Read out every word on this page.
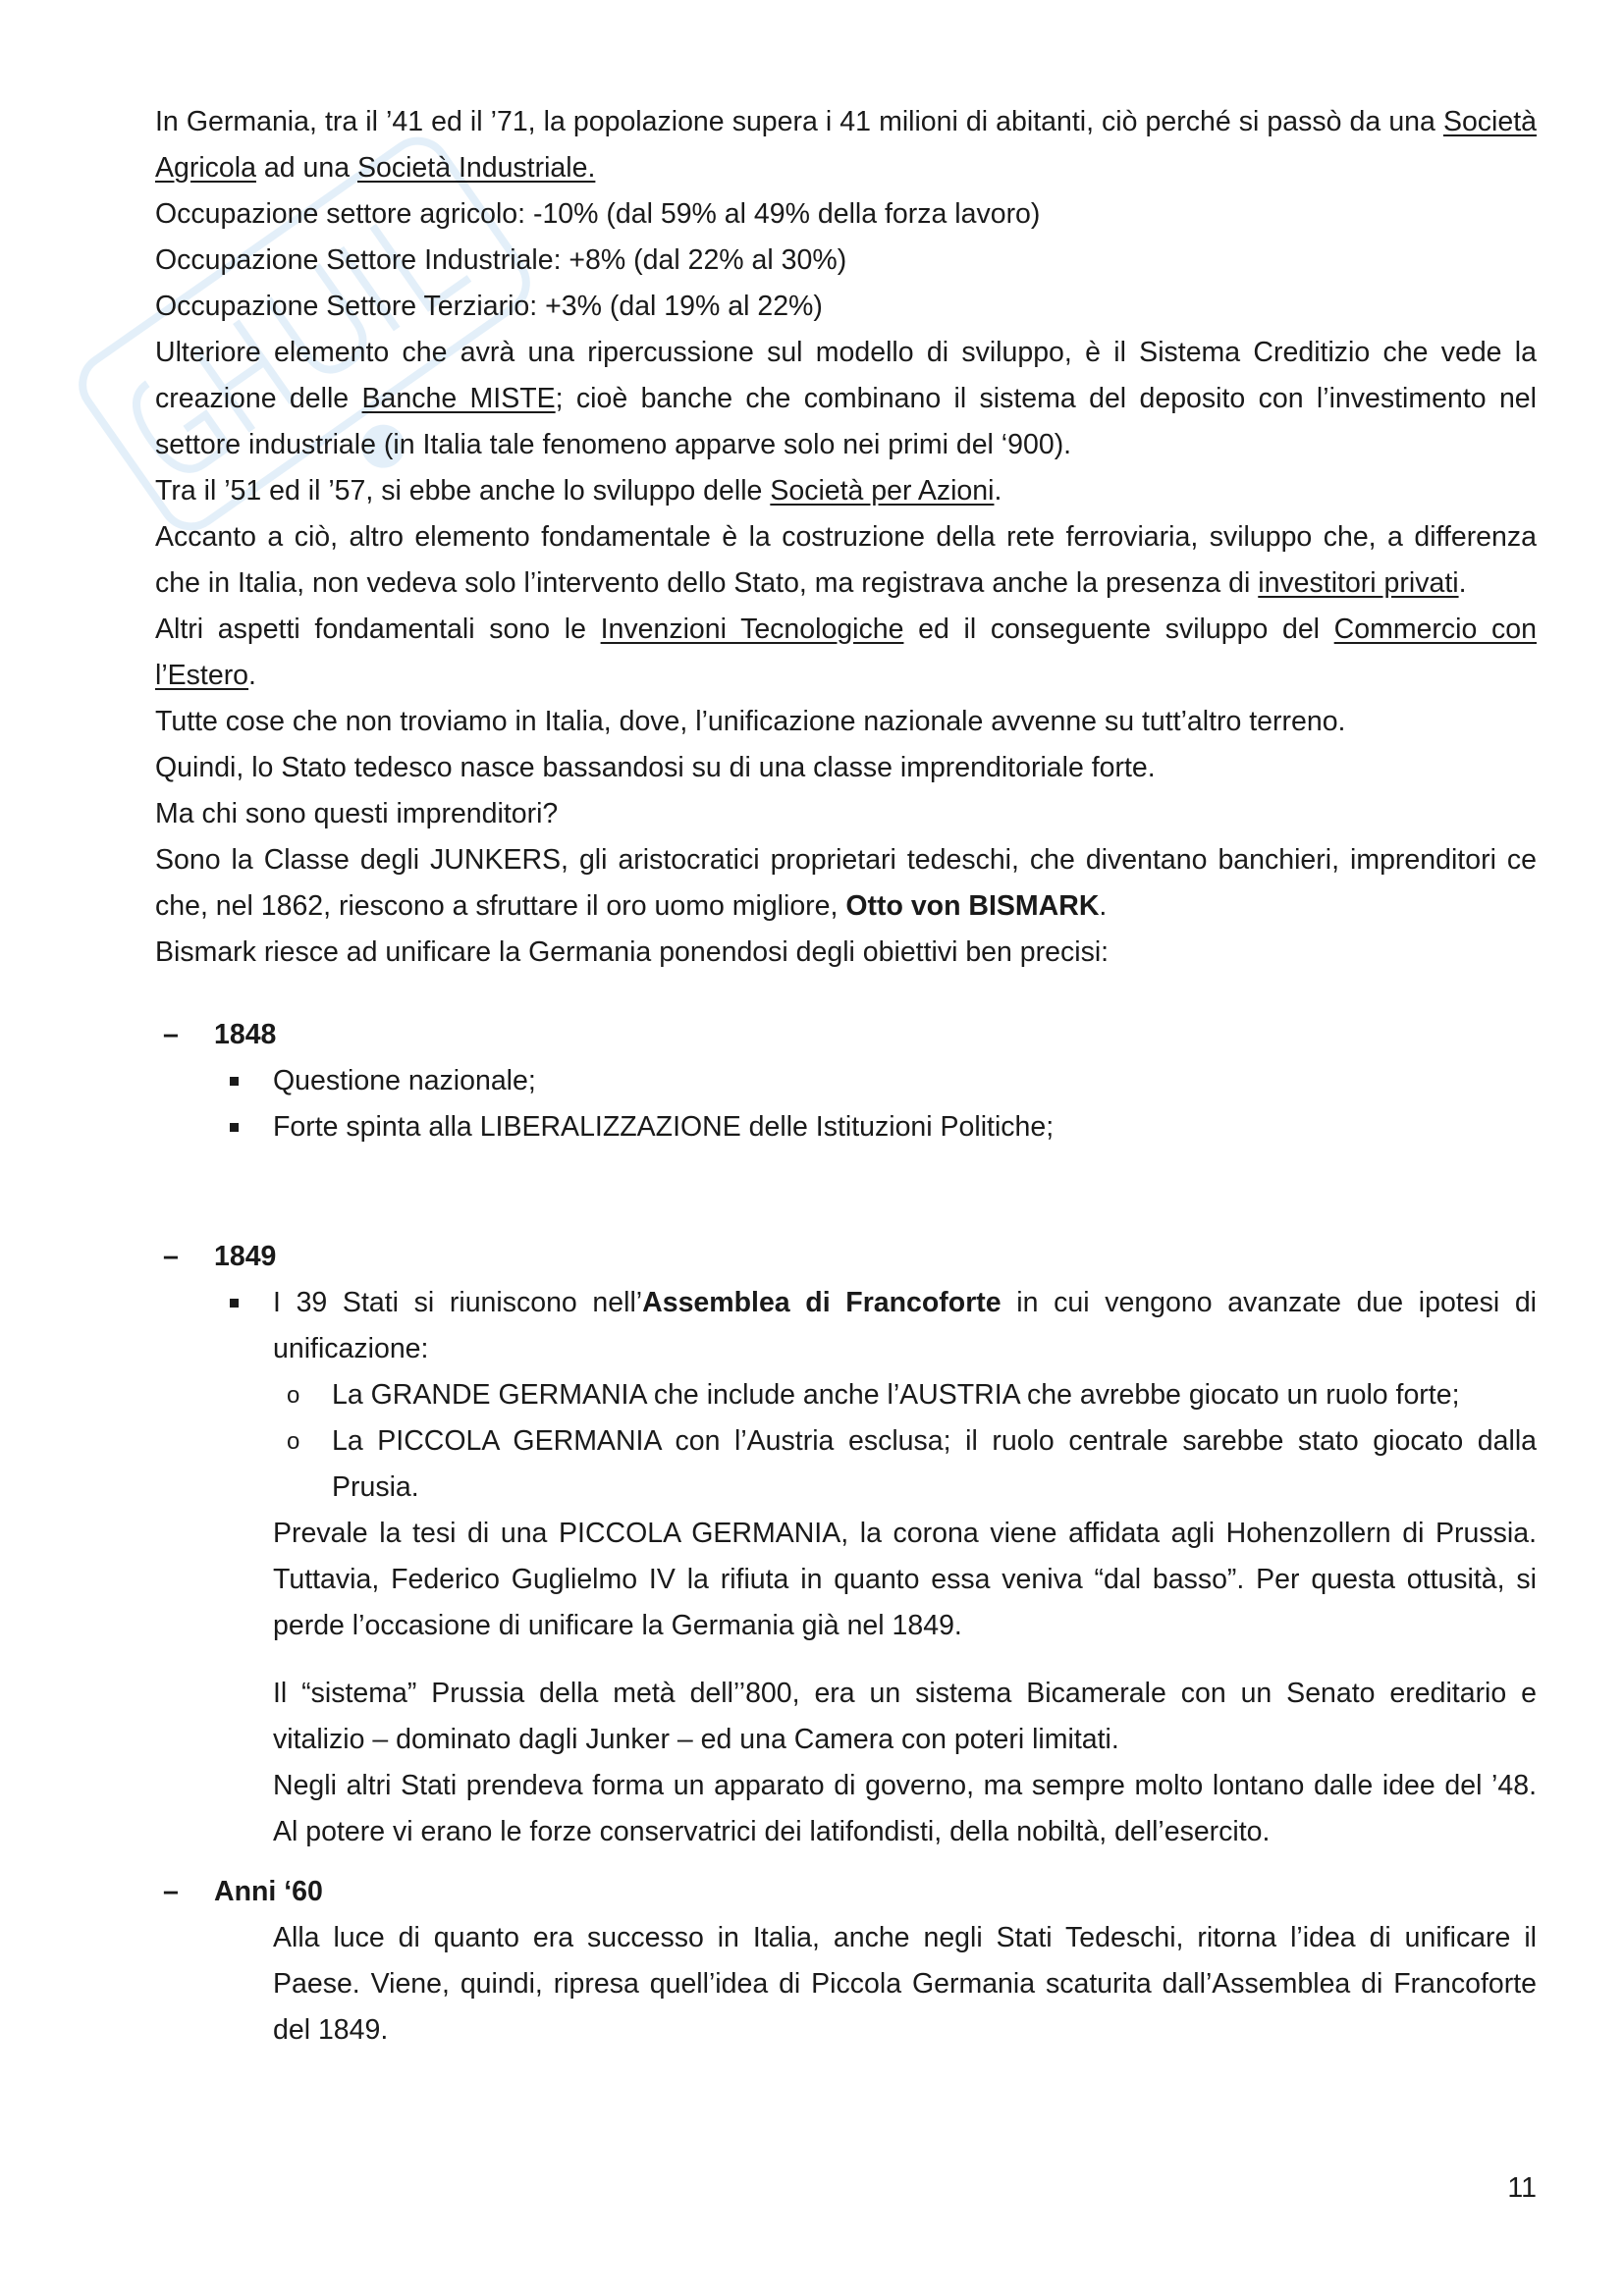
In Germania, tra il ’41 ed il ’71, la popolazione supera i 41 milioni di abitanti, ciò perché si passò da una Società Agricola ad una Società Industriale.

Occupazione settore agricolo: -10% (dal 59% al 49% della forza lavoro)

Occupazione Settore Industriale: +8% (dal 22% al 30%)

Occupazione Settore Terziario: +3% (dal 19% al 22%)

Ulteriore elemento che avrà una ripercussione sul modello di sviluppo, è il Sistema Creditizio che vede la creazione delle Banche MISTE; cioè banche che combinano il sistema del deposito con l’investimento nel settore industriale (in Italia tale fenomeno apparve solo nei primi del ‘900).

Tra il ’51 ed il ’57, si ebbe anche lo sviluppo delle Società per Azioni.

Accanto a ciò, altro elemento fondamentale è la costruzione della rete ferroviaria, sviluppo che, a differenza che in Italia, non vedeva solo l’intervento dello Stato, ma registrava anche la presenza di investitori privati.

Altri aspetti fondamentali sono le Invenzioni Tecnologiche ed il conseguente sviluppo del Commercio con l’Estero.

Tutte cose che non troviamo in Italia, dove, l’unificazione nazionale avvenne su tutt’altro terreno.

Quindi, lo Stato tedesco nasce bassandosi su di una classe imprenditoriale forte.

Ma chi sono questi imprenditori?

Sono la Classe degli JUNKERS, gli aristocratici proprietari tedeschi, che diventano banchieri, imprenditori ce che, nel 1862, riescono a sfruttare il oro uomo migliore, Otto von BISMARK.

Bismark riesce ad unificare la Germania ponendosi degli obiettivi ben precisi:

– 1848

Questione nazionale;

Forte spinta alla LIBERALIZZAZIONE delle Istituzioni Politiche;

– 1849

I 39 Stati si riuniscono nell’Assemblea di Francoforte in cui vengono avanzate due ipotesi di unificazione:

o La GRANDE GERMANIA che include anche l’AUSTRIA che avrebbe giocato un ruolo forte;

o La PICCOLA GERMANIA con l’Austria esclusa; il ruolo centrale sarebbe stato giocato dalla Prusia.

Prevale la tesi di una PICCOLA GERMANIA, la corona viene affidata agli Hohenzollern di Prussia. Tuttavia, Federico Guglielmo IV la rifiuta in quanto essa veniva “dal basso”. Per questa ottusità, si perde l’occasione di unificare la Germania già nel 1849.

Il “sistema” Prussia della metà dell’’800, era un sistema Bicamerale con un Senato ereditario e vitalizio – dominato dagli Junker – ed una Camera con poteri limitati.

Negli altri Stati prendeva forma un apparato di governo, ma sempre molto lontano dalle idee del ’48. Al potere vi erano le forze conservatrici dei latifondisti, della nobiltà, dell’esercito.

– Anni ‘60

Alla luce di quanto era successo in Italia, anche negli Stati Tedeschi, ritorna l’idea di unificare il Paese. Viene, quindi, ripresa quell’idea di Piccola Germania scaturita dall’Assemblea di Francoforte del 1849.

11
